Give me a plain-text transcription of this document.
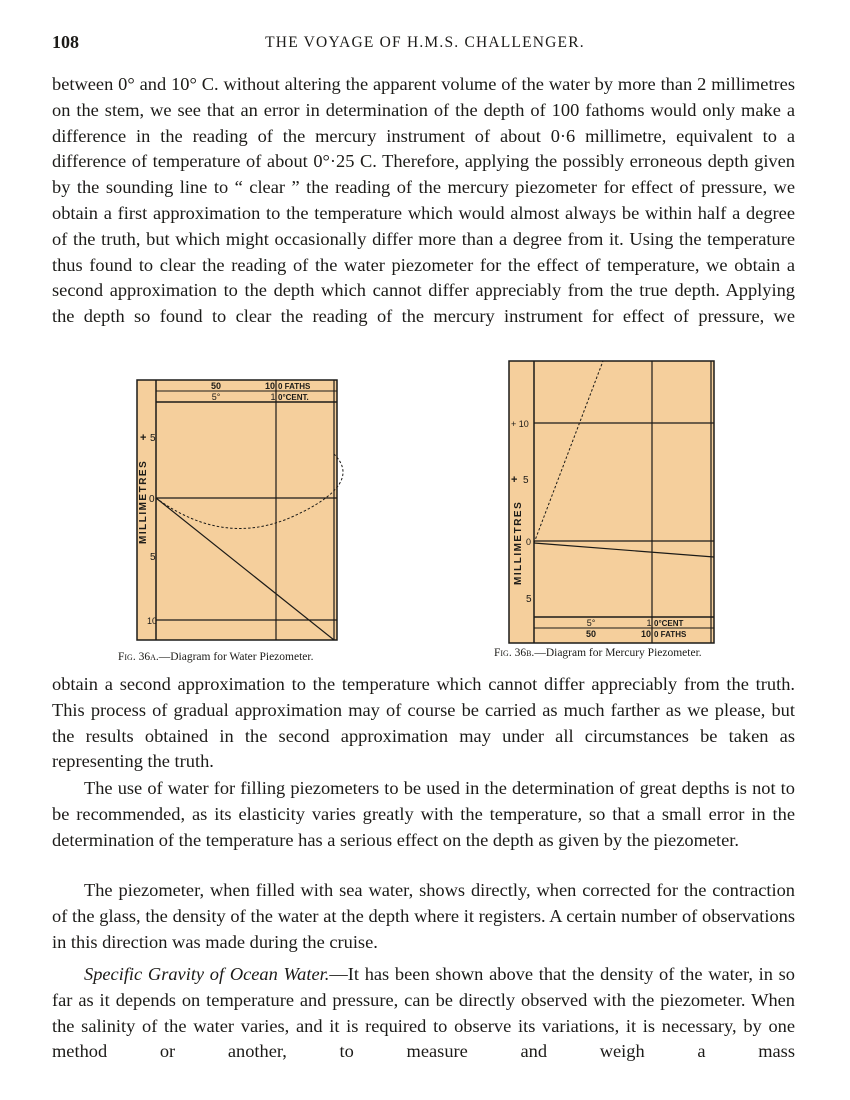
108	THE VOYAGE OF H.M.S. CHALLENGER.

between 0° and 10° C. without altering the apparent volume of the water by more than 2 millimetres on the stem, we see that an error in determination of the depth of 100 fathoms would only make a difference in the reading of the mercury instrument of about 0·6 millimetre, equivalent to a difference of temperature of about 0°·25 C. Therefore, applying the possibly erroneous depth given by the sounding line to “ clear ” the reading of the mercury piezometer for effect of pressure, we obtain a first approximation to the temperature which would almost always be within half a degree of the truth, but which might occasionally differ more than a degree from it. Using the temperature thus found to clear the reading of the water piezometer for the effect of temperature, we obtain a second approximation to the depth which cannot differ appreciably from the true depth. Applying the depth so found to clear the reading of the mercury instrument for effect of pressure, we

50	10 0 FATHS
5°	1 0°CENT.
+ 5
0
5
10
MILLIMETRES
Fig. 36a.—Diagram for Water Piezometer.
+ 10
+ 5
0
5
MILLIMETRES
5°	1 0°CENT
50	10 0 FATHS
Fig. 36b.—Diagram for Mercury Piezometer.

obtain a second approximation to the temperature which cannot differ appreciably from the truth. This process of gradual approximation may of course be carried as much farther as we please, but the results obtained in the second approximation may under all circumstances be taken as representing the truth.

The use of water for filling piezometers to be used in the determination of great depths is not to be recommended, as its elasticity varies greatly with the temperature, so that a small error in the determination of the temperature has a serious effect on the depth as given by the piezometer.

The piezometer, when filled with sea water, shows directly, when corrected for the contraction of the glass, the density of the water at the depth where it registers. A certain number of observations in this direction was made during the cruise.

Specific Gravity of Ocean Water.—It has been shown above that the density of the water, in so far as it depends on temperature and pressure, can be directly observed with the piezometer. When the salinity of the water varies, and it is required to observe its variations, it is necessary, by one method or another, to measure and weigh a mass
